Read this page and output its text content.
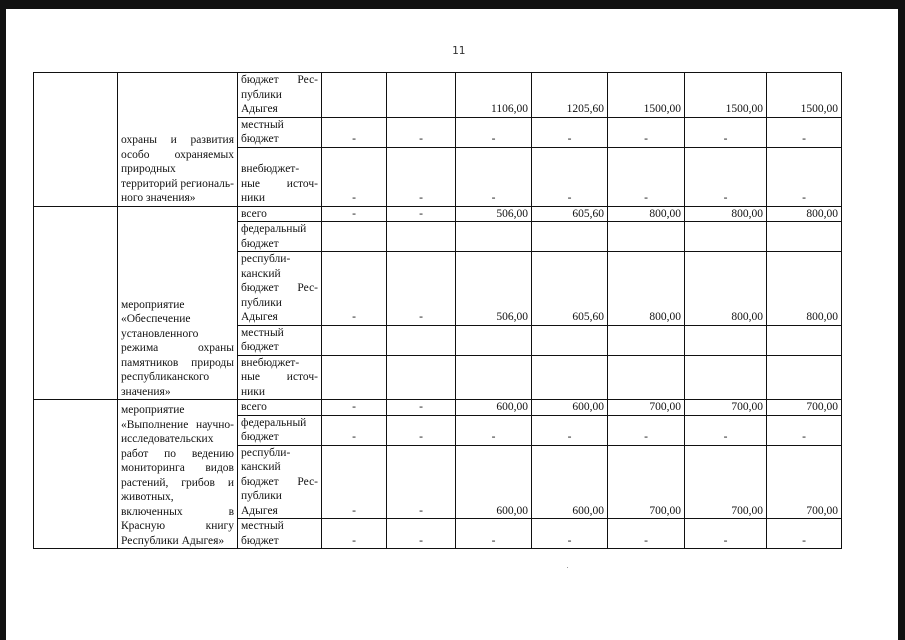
11
	охраны и развития особо охраняемых природных территорий региональ-ного значения»	бюджет Рес-публики Адыгея			1106,00	1205,60	1500,00	1500,00	1500,00
		местный бюджет	-	-	-	-	-	-	-
		внебюджет-ные источ-ники	-	-	-	-	-	-	-
	мероприятие «Обеспечение установленного режима охраны памятников природы республиканского значения»	всего	-	-	506,00	605,60	800,00	800,00	800,00
		федеральный бюджет							
		республи-канский бюджет Рес-публики Адыгея	-	-	506,00	605,60	800,00	800,00	800,00
		местный бюджет							
		внебюджет-ные источ-ники							
	мероприятие «Выполнение научно-исследовательских работ по ведению мониторинга видов растений, грибов и животных, включенных в Красную книгу Республики Адыгея»	всего	-	-	600,00	600,00	700,00	700,00	700,00
		федеральный бюджет	-	-	-	-	-	-	-
		республи-канский бюджет Рес-публики Адыгея	-	-	600,00	600,00	700,00	700,00	700,00
		местный бюджет	-	-	-	-	-	-	-
